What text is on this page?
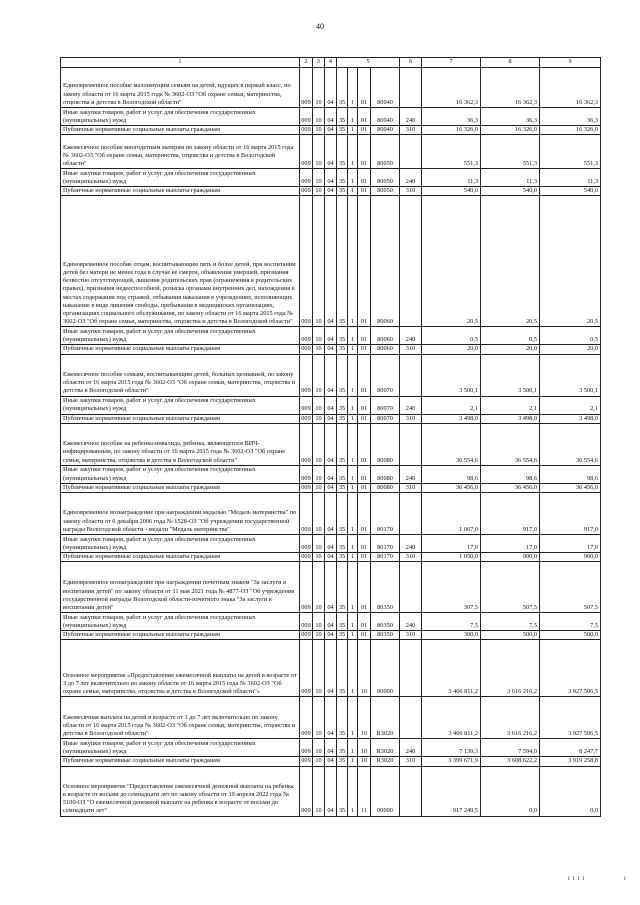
40
1	2	3	4	5				6	7	8	9
Единовременное пособие малоимущим семьям на детей, идущих в первый класс, по закону области от 16 марта 2015 года № 3602-ОЗ "Об охране семьи, материнства, отцовства и детства в Вологодской области"	009	10	04	35	1	01	80040		16 362,3	16 362,3	16 362,3
Иные закупки товаров, работ и услуг для обеспечения государственных (муниципальных) нужд	009	10	04	35	1	01	80040	240	36,3	36,3	36,3
Публичные нормативные социальные выплаты гражданам	009	10	04	35	1	01	80040	310	16 326,0	16 326,0	16 326,0
Ежемесячное пособие многодетным матерям по закону области от 16 марта 2015 года № 3602-ОЗ "Об охране семьи, материнства, отцовства и детства в Вологодской области"	009	10	04	35	1	01	80050		551,3	551,3	551,3
Иные закупки товаров, работ и услуг для обеспечения государственных (муниципальных) нужд	009	10	04	35	1	01	80050	240	11,3	11,3	11,3
Публичные нормативные социальные выплаты гражданам	009	10	04	35	1	01	80050	310	540,0	540,0	540,0
Единовременное пособие отцам, воспитывающим пять и более детей, при воспитании детей без матери не менее года в случае ее смерти, объявления умершей, признания безвестно отсутствующей, лишения родительских прав (ограничения в родительских правах), признания недееспособной, розыска органами внутренних дел, нахождения в местах содержания под стражей, отбывания наказания в учреждениях, исполняющих наказание в виде лишения свободы, пребывания в медицинских организациях, организациях социального обслуживания, по закону области от 16 марта 2015 года № 3602-ОЗ "Об охране семьи, материнства, отцовства и детства в Вологодской области"	009	10	04	35	1	01	80060		20,5	20,5	20,5
Иные закупки товаров, работ и услуг для обеспечения государственных (муниципальных) нужд	009	10	04	35	1	01	80060	240	0,5	0,5	0,5
Публичные нормативные социальные выплаты гражданам	009	10	04	35	1	01	80060	310	20,0	20,0	20,0
Ежемесячное пособие семьям, воспитывающим детей, больных целиакией, по закону области от 16 марта 2015 года № 3602-ОЗ "Об охране семьи, материнства, отцовства и детства в Вологодской области"	009	10	04	35	1	01	80070		3 500,1	3 500,1	3 500,1
Иные закупки товаров, работ и услуг для обеспечения государственных (муниципальных) нужд	009	10	04	35	1	01	80070	240	2,1	2,1	2,1
Публичные нормативные социальные выплаты гражданам	009	10	04	35	1	01	80070	310	3 498,0	3 498,0	3 498,0
Ежемесячное пособие на ребенка-инвалида, ребенка, являющегося ВИЧ-инфицированным, по закону области от 16 марта 2015 года № 3602-ОЗ "Об охране семьи, материнства, отцовства и детства в Вологодской области"	009	10	04	35	1	01	80080		36 554,6	36 554,6	36 554,6
Иные закупки товаров, работ и услуг для обеспечения государственных (муниципальных) нужд	009	10	04	35	1	01	80080	240	98,6	98,6	98,6
Публичные нормативные социальные выплаты гражданам	009	10	04	35	1	01	80080	310	36 456,0	36 456,0	36 456,0
Единовременное вознаграждение при награждении медалью "Медаль материнства" по закону области от 6 декабря 2006 года № 1528-ОЗ "Об учреждении государственной награды Вологодской области - медали "Медаль материнства"	009	10	04	35	1	01	80170		1 067,0	917,0	917,0
Иные закупки товаров, работ и услуг для обеспечения государственных (муниципальных) нужд	009	10	04	35	1	01	80170	240	17,0	17,0	17,0
Публичные нормативные социальные выплаты гражданам	009	10	04	35	1	01	80170	310	1 050,0	900,0	900,0
Единовременное вознаграждение при награждении почетным знаком "За заслуги в воспитании детей" по закону области от 11 мая 2021 года № 4877-ОЗ "Об учреждении государственной награды Вологодской области-почетного знака "За заслуги в воспитании детей"	009	10	04	35	1	01	80350		307,5	507,5	507,5
Иные закупки товаров, работ и услуг для обеспечения государственных (муниципальных) нужд	009	10	04	35	1	01	80350	240	7,5	7,5	7,5
Публичные нормативные социальные выплаты гражданам	009	10	04	35	1	01	80350	310	300,0	500,0	500,0
Основное мероприятие «Предоставление ежемесячной выплаты на детей в возрасте от 3 до 7 лет включительно по закону области от 16 марта 2015 года № 3602-ОЗ "Об охране семьи, материнства, отцовства и детства в Вологодской области"»	009	10	04	35	1	10	00000		3 406 811,2	3 616 216,2	3 927 506,5
Ежемесячная выплата на детей в возрасте от 3 до 7 лет включительно по закону области от 16 марта 2015 года № 3602-ОЗ "Об охране семьи, материнства, отцовства и детства в Вологодской области"	009	10	04	35	1	10	R3020		3 406 811,2	3 616 216,2	3 927 506,5
Иные закупки товаров, работ и услуг для обеспечения государственных (муниципальных) нужд	009	10	04	35	1	10	R3020	240	7 139,3	7 594,0	8 247,7
Публичные нормативные социальные выплаты гражданам	009	10	04	35	1	10	R3020	310	3 399 671,9	3 608 622,2	3 919 258,8
Основное мероприятие "Предоставление ежемесячной денежной выплаты на ребенка в возрасте от восьми до семнадцати лет по закону области от 19 апреля 2022 года № 5100-ОЗ "О ежемесячной денежной выплате на ребенка в возрасте от восьми до семнадцати лет"	009	10	04	35	1	11	00000		917 249,5	0,0	0,0
I I I I	I
